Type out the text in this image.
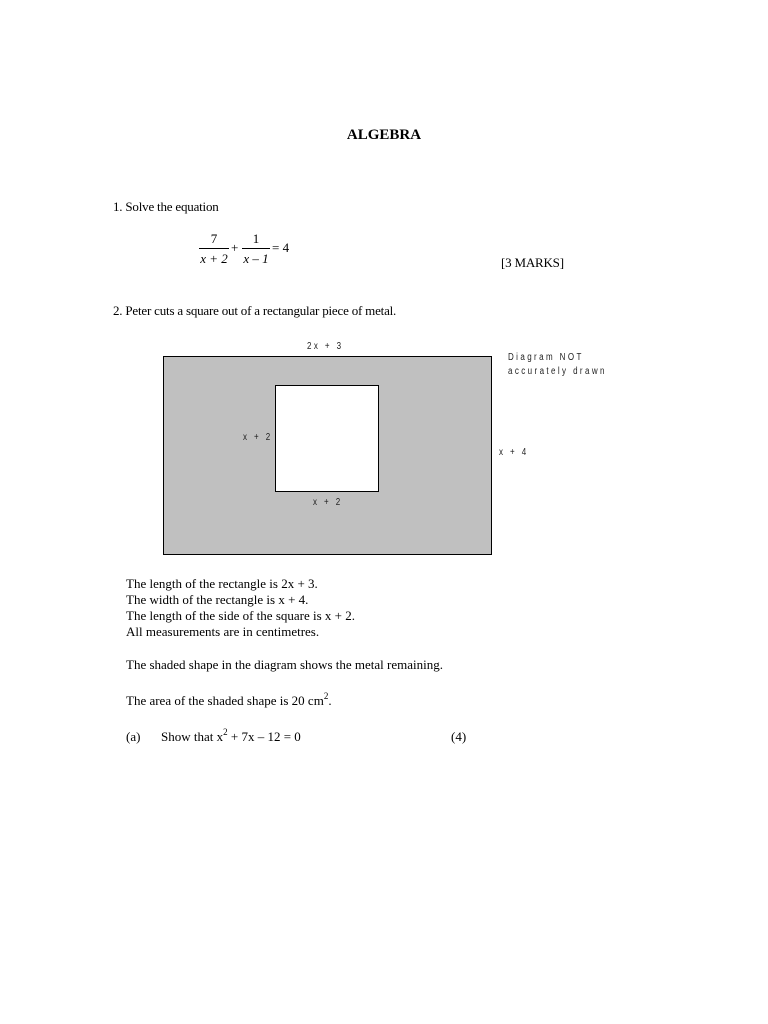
ALGEBRA
1. Solve the equation
7
x + 2
+
1
x – 1
= 4
[3 MARKS]
2. Peter cuts a square out of a rectangular piece of metal.
2x + 3
Diagram NOT
accurately drawn
x + 2
x + 2
x + 4
The length of the rectangle is 2x + 3.
The width of the rectangle is x + 4.
The length of the side of the square is x + 2.
All measurements are in centimetres.
The shaded shape in the diagram shows the metal remaining.
The area of the shaded shape is 20 $cm^2$.
(a) Show that $x^2 + 7x - 12 = 0$	(4)
